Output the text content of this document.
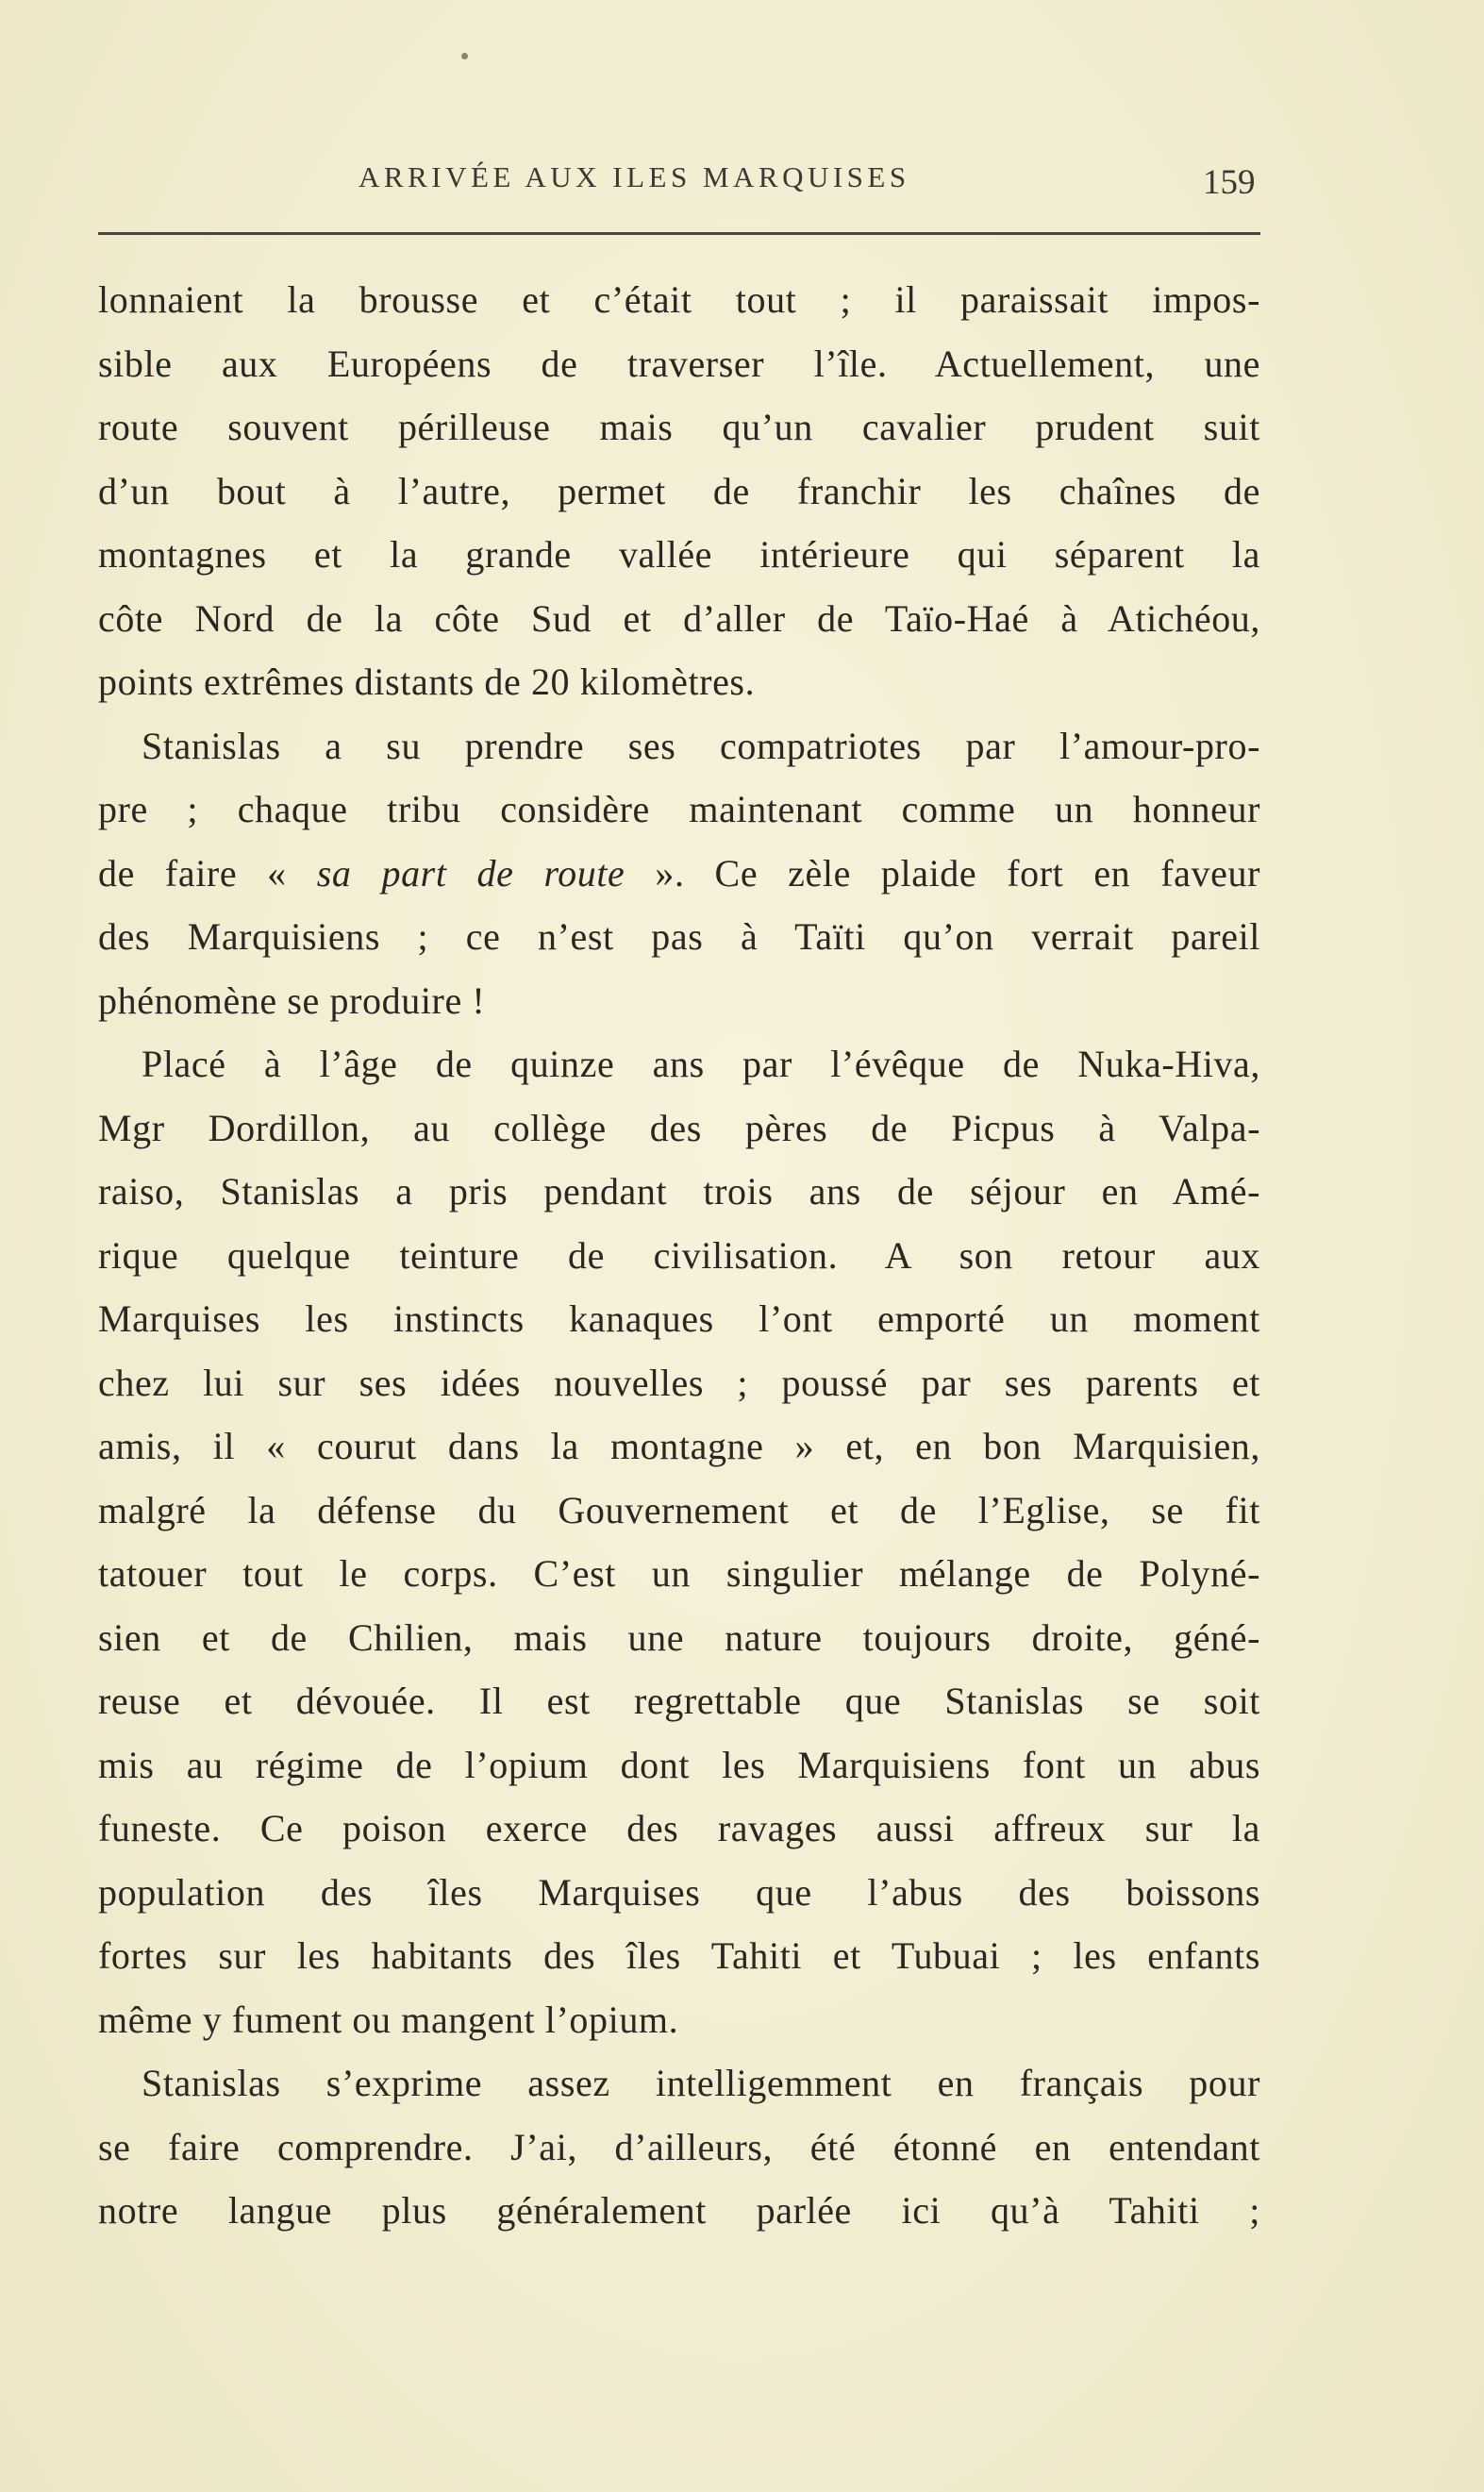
ARRIVÉE AUX ILES MARQUISES	159
lonnaient la brousse et c’était tout ; il paraissait impos-
sible aux Européens de traverser l’île. Actuellement, une
route souvent périlleuse mais qu’un cavalier prudent suit
d’un bout à l’autre, permet de franchir les chaînes de
montagnes et la grande vallée intérieure qui séparent la
côte Nord de la côte Sud et d’aller de Taïo-Haé à Atichéou,
points extrêmes distants de 20 kilomètres.
Stanislas a su prendre ses compatriotes par l’amour-pro-
pre ; chaque tribu considère maintenant comme un honneur
de faire « sa part de route ». Ce zèle plaide fort en faveur
des Marquisiens ; ce n’est pas à Taïti qu’on verrait pareil
phénomène se produire !
Placé à l’âge de quinze ans par l’évêque de Nuka-Hiva,
Mgr Dordillon, au collège des pères de Picpus à Valpa-
raiso, Stanislas a pris pendant trois ans de séjour en Amé-
rique quelque teinture de civilisation. A son retour aux
Marquises les instincts kanaques l’ont emporté un moment
chez lui sur ses idées nouvelles ; poussé par ses parents et
amis, il « courut dans la montagne » et, en bon Marquisien,
malgré la défense du Gouvernement et de l’Eglise, se fit
tatouer tout le corps. C’est un singulier mélange de Polyné-
sien et de Chilien, mais une nature toujours droite, géné-
reuse et dévouée. Il est regrettable que Stanislas se soit
mis au régime de l’opium dont les Marquisiens font un abus
funeste. Ce poison exerce des ravages aussi affreux sur la
population des îles Marquises que l’abus des boissons
fortes sur les habitants des îles Tahiti et Tubuai ; les enfants
même y fument ou mangent l’opium.
Stanislas s’exprime assez intelligemment en français pour
se faire comprendre. J’ai, d’ailleurs, été étonné en entendant
notre langue plus généralement parlée ici qu’à Tahiti ;
